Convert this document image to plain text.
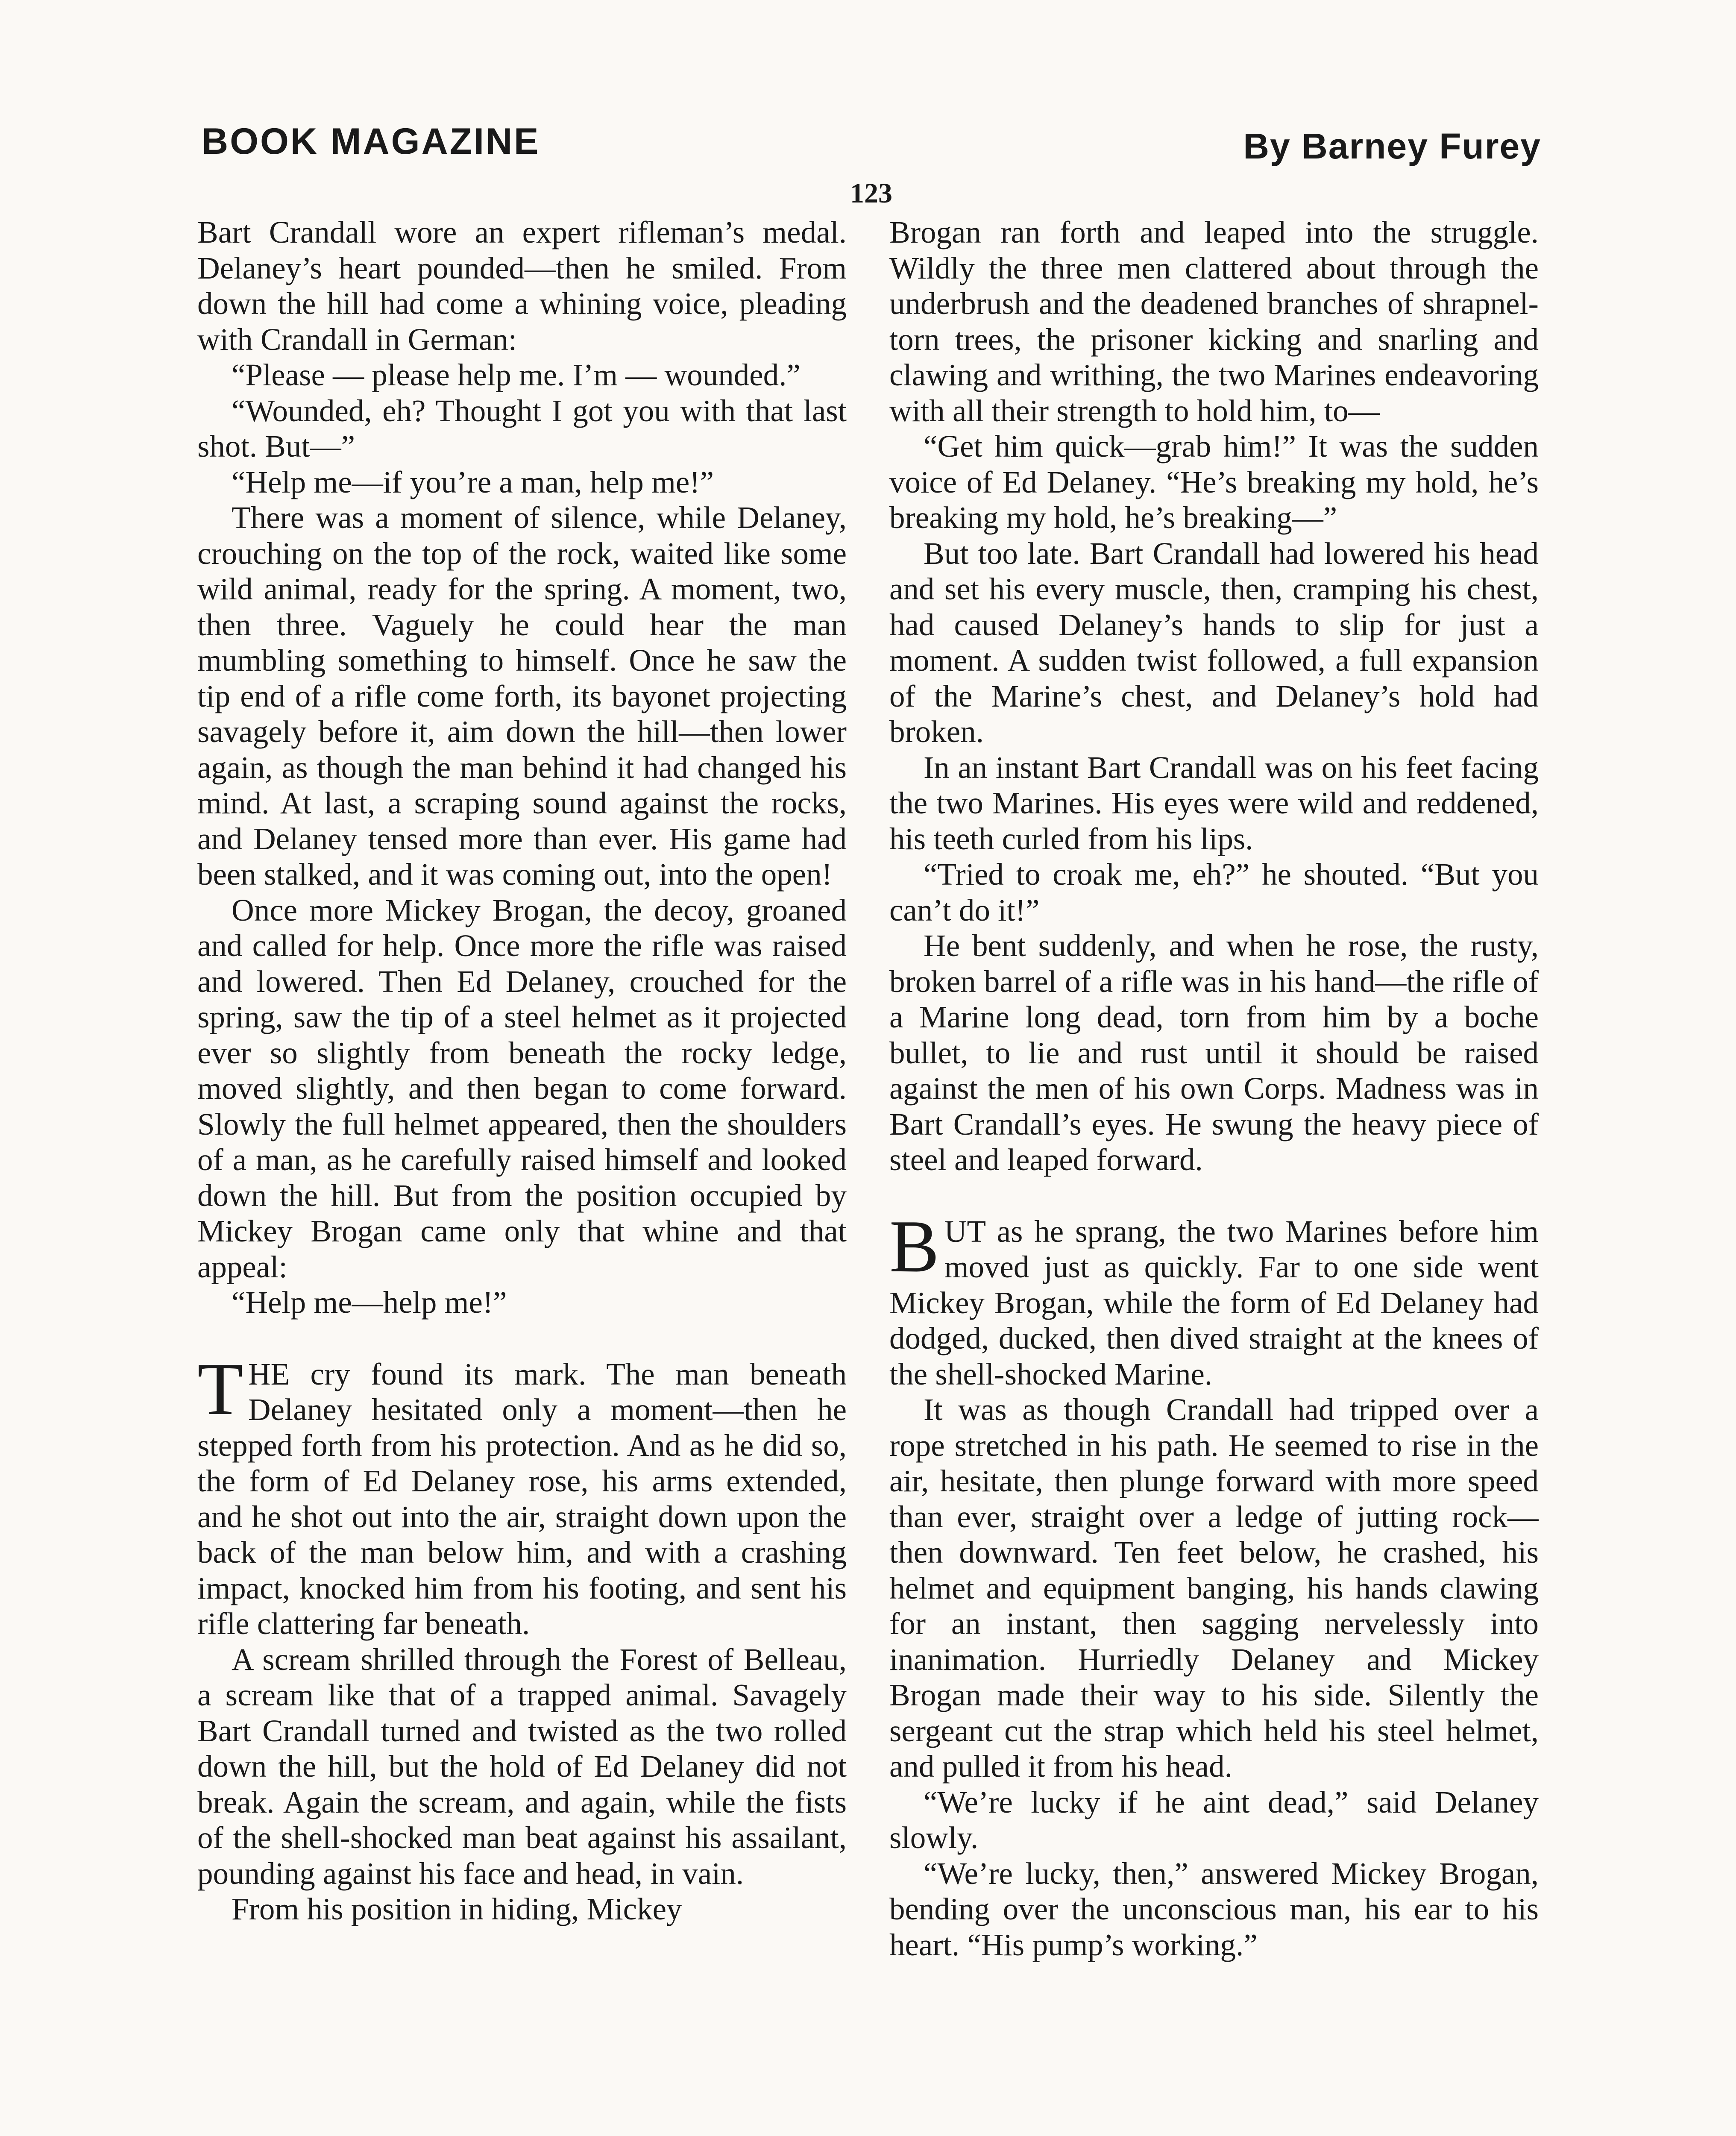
BOOK MAGAZINE	By Barney Furey
123

Bart Crandall wore an expert rifleman’s medal. Delaney’s heart pounded—then he smiled. From down the hill had come a whining voice, pleading with Crandall in German:

“Please — please help me. I’m — wounded.”

“Wounded, eh? Thought I got you with that last shot. But—”

“Help me—if you’re a man, help me!”

There was a moment of silence, while Delaney, crouching on the top of the rock, waited like some wild animal, ready for the spring. A moment, two, then three. Vaguely he could hear the man mumbling something to himself. Once he saw the tip end of a rifle come forth, its bayonet projecting savagely before it, aim down the hill—then lower again, as though the man behind it had changed his mind. At last, a scraping sound against the rocks, and Delaney tensed more than ever. His game had been stalked, and it was coming out, into the open!

Once more Mickey Brogan, the decoy, groaned and called for help. Once more the rifle was raised and lowered. Then Ed Delaney, crouched for the spring, saw the tip of a steel helmet as it projected ever so slightly from beneath the rocky ledge, moved slightly, and then began to come forward. Slowly the full helmet appeared, then the shoulders of a man, as he carefully raised himself and looked down the hill. But from the position occupied by Mickey Brogan came only that whine and that appeal:

“Help me—help me!”

THE cry found its mark. The man beneath Delaney hesitated only a moment—then he stepped forth from his protection. And as he did so, the form of Ed Delaney rose, his arms extended, and he shot out into the air, straight down upon the back of the man below him, and with a crashing impact, knocked him from his footing, and sent his rifle clattering far beneath.

A scream shrilled through the Forest of Belleau, a scream like that of a trapped animal. Savagely Bart Crandall turned and twisted as the two rolled down the hill, but the hold of Ed Delaney did not break. Again the scream, and again, while the fists of the shell-shocked man beat against his assailant, pounding against his face and head, in vain.

From his position in hiding, Mickey

Brogan ran forth and leaped into the struggle. Wildly the three men clattered about through the underbrush and the deadened branches of shrapnel-torn trees, the prisoner kicking and snarling and clawing and writhing, the two Marines endeavoring with all their strength to hold him, to—

“Get him quick—grab him!” It was the sudden voice of Ed Delaney. “He’s breaking my hold, he’s breaking my hold, he’s breaking—”

But too late. Bart Crandall had lowered his head and set his every muscle, then, cramping his chest, had caused Delaney’s hands to slip for just a moment. A sudden twist followed, a full expansion of the Marine’s chest, and Delaney’s hold had broken.

In an instant Bart Crandall was on his feet facing the two Marines. His eyes were wild and reddened, his teeth curled from his lips.

“Tried to croak me, eh?” he shouted. “But you can’t do it!”

He bent suddenly, and when he rose, the rusty, broken barrel of a rifle was in his hand—the rifle of a Marine long dead, torn from him by a boche bullet, to lie and rust until it should be raised against the men of his own Corps. Madness was in Bart Crandall’s eyes. He swung the heavy piece of steel and leaped forward.

BUT as he sprang, the two Marines before him moved just as quickly. Far to one side went Mickey Brogan, while the form of Ed Delaney had dodged, ducked, then dived straight at the knees of the shell-shocked Marine.

It was as though Crandall had tripped over a rope stretched in his path. He seemed to rise in the air, hesitate, then plunge forward with more speed than ever, straight over a ledge of jutting rock—then downward. Ten feet below, he crashed, his helmet and equipment banging, his hands clawing for an instant, then sagging nervelessly into inanimation. Hurriedly Delaney and Mickey Brogan made their way to his side. Silently the sergeant cut the strap which held his steel helmet, and pulled it from his head.

“We’re lucky if he aint dead,” said Delaney slowly.

“We’re lucky, then,” answered Mickey Brogan, bending over the unconscious man, his ear to his heart. “His pump’s working.”
